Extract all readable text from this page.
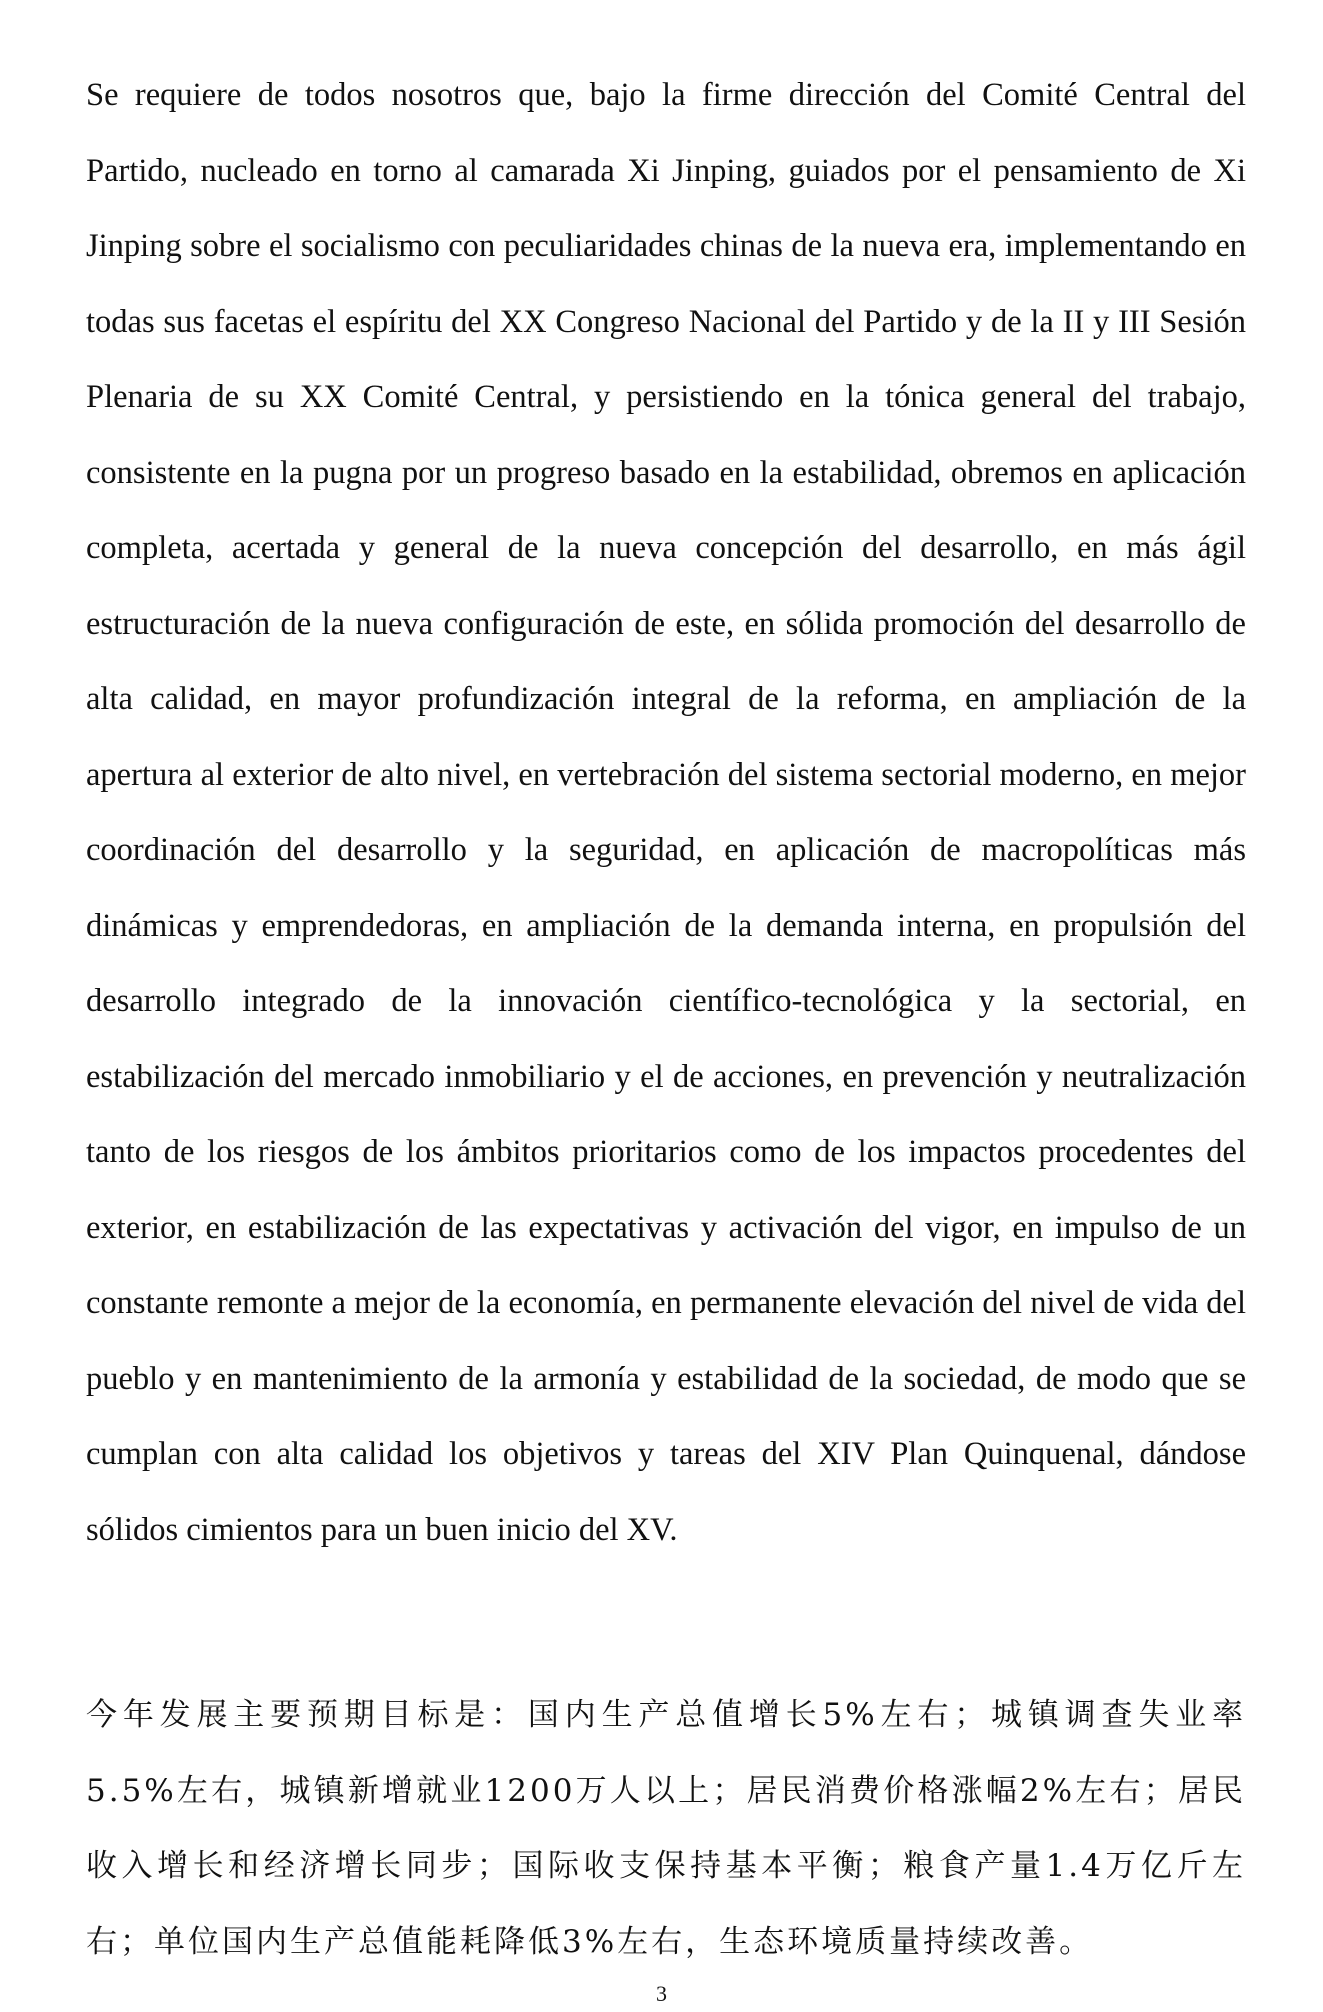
Se requiere de todos nosotros que, bajo la firme dirección del Comité Central del Partido, nucleado en torno al camarada Xi Jinping, guiados por el pensamiento de Xi Jinping sobre el socialismo con peculiaridades chinas de la nueva era, implementando en todas sus facetas el espíritu del XX Congreso Nacional del Partido y de la II y III Sesión Plenaria de su XX Comité Central, y persistiendo en la tónica general del trabajo, consistente en la pugna por un progreso basado en la estabilidad, obremos en aplicación completa, acertada y general de la nueva concepción del desarrollo, en más ágil estructuración de la nueva configuración de este, en sólida promoción del desarrollo de alta calidad, en mayor profundización integral de la reforma, en ampliación de la apertura al exterior de alto nivel, en vertebración del sistema sectorial moderno, en mejor coordinación del desarrollo y la seguridad, en aplicación de macropolíticas más dinámicas y emprendedoras, en ampliación de la demanda interna, en propulsión del desarrollo integrado de la innovación científico-tecnológica y la sectorial, en estabilización del mercado inmobiliario y el de acciones, en prevención y neutralización tanto de los riesgos de los ámbitos prioritarios como de los impactos procedentes del exterior, en estabilización de las expectativas y activación del vigor, en impulso de un constante remonte a mejor de la economía, en permanente elevación del nivel de vida del pueblo y en mantenimiento de la armonía y estabilidad de la sociedad, de modo que se cumplan con alta calidad los objetivos y tareas del XIV Plan Quinquenal, dándose sólidos cimientos para un buen inicio del XV.

今年发展主要预期目标是：国内生产总值增长5%左右；城镇调查失业率5.5%左右，城镇新增就业1200万人以上；居民消费价格涨幅2%左右；居民收入增长和经济增长同步；国际收支保持基本平衡；粮食产量1.4万亿斤左右；单位国内生产总值能耗降低3%左右，生态环境质量持续改善。

3
